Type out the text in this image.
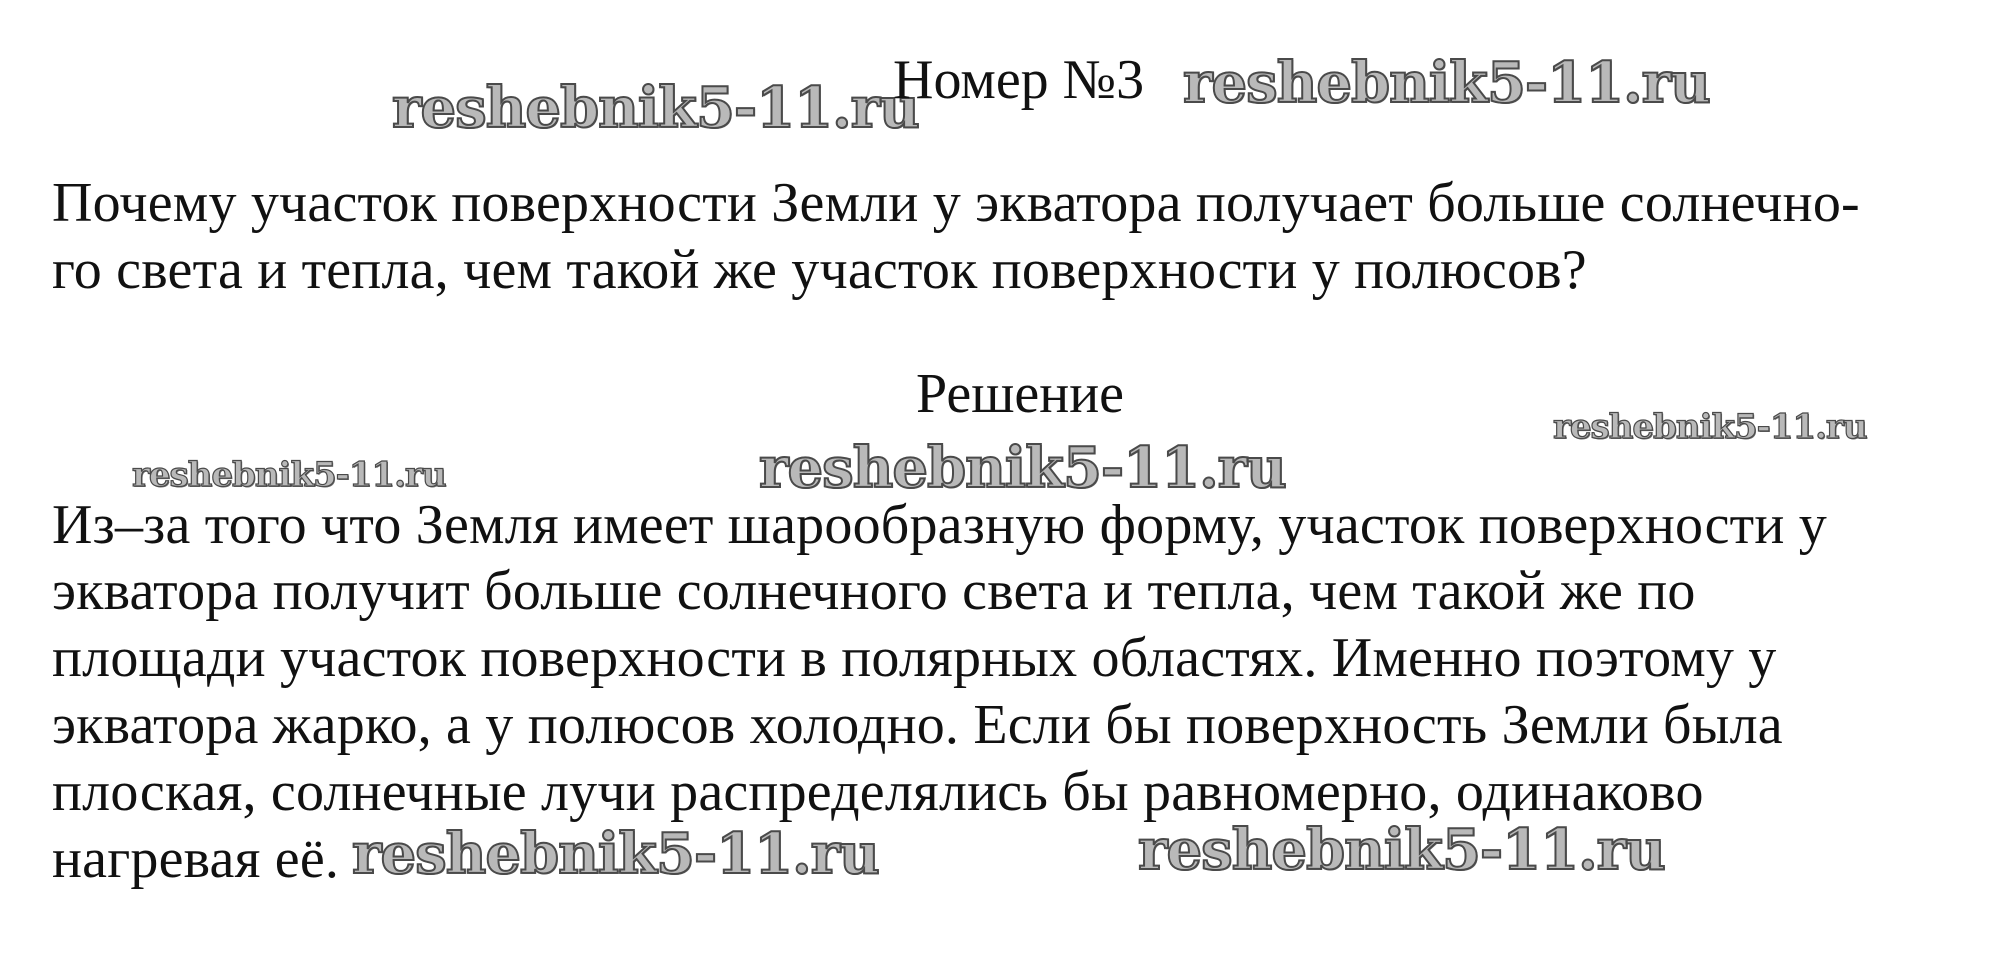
reshebnik5-11.ru
Номер №3 reshebnik5-11.ru
Почему участок поверхности Земли у экватора получает больше солнечно-
го света и тепла, чем такой же участок поверхности у полюсов?
Решение
reshebnik5-11.ru
reshebnik5-11.ru	reshebnik5-11.ru
Из–за того что Земля имеет шарообразную форму, участок поверхности у
экватора получит больше солнечного света и тепла, чем такой же по
площади участок поверхности в полярных областях. Именно поэтому у
экватора жарко, а у полюсов холодно. Если бы поверхность Земли была
плоская, солнечные лучи распределялись бы равномерно, одинаково
нагревая её. reshebnik5-11.ru	reshebnik5-11.ru
